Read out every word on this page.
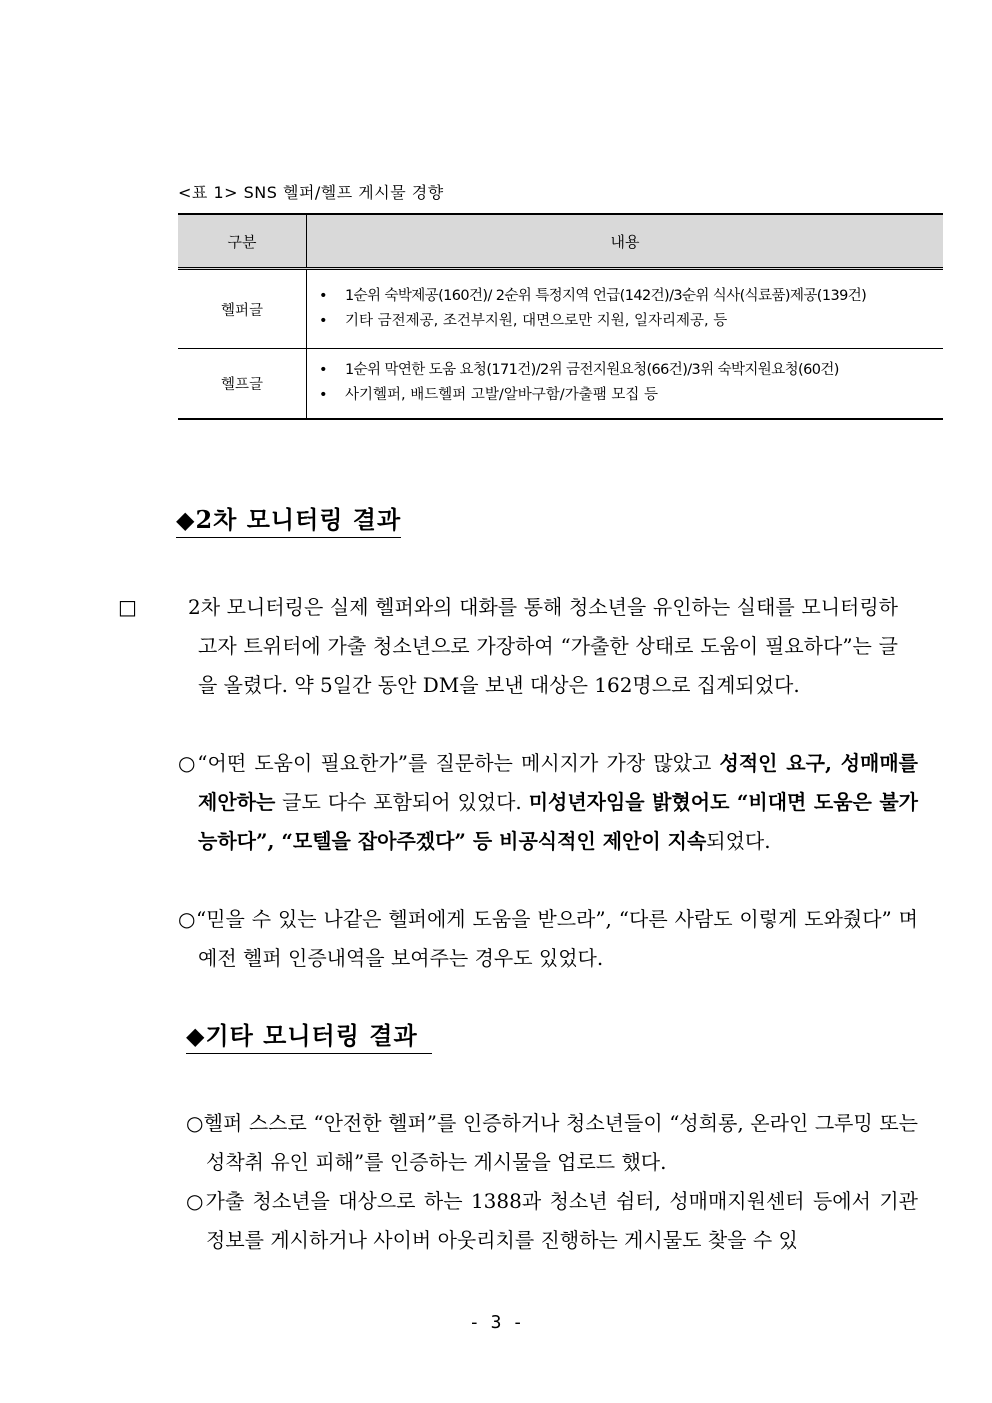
<표 1> SNS 헬퍼/헬프 게시물 경향
구분	내용
헬퍼글	• 1순위 숙박제공(160건)/ 2순위 특정지역 언급(142건)/3순위 식사(식료품)제공(139건)
• 기타 금전제공, 조건부지원, 대면으로만 지원, 일자리제공, 등

헬프글	• 1순위 막연한 도움 요청(171건)/2위 금전지원요청(66건)/3위 숙박지원요청(60건)
• 사기헬퍼, 배드헬퍼 고발/알바구함/가출팸 모집 등
◆2차 모니터링 결과
□	2차 모니터링은 실제 헬퍼와의 대화를 통해 청소년을 유인하는 실태를 모니터링하고자 트위터에 가출 청소년으로 가장하여 “가출한 상태로 도움이 필요하다”는 글을 올렸다. 약 5일간 동안 DM을 보낸 대상은 162명으로 집계되었다.
○“어떤 도움이 필요한가”를 질문하는 메시지가 가장 많았고 성적인 요구, 성매매를 제안하는 글도 다수 포함되어 있었다. 미성년자임을 밝혔어도 “비대면 도움은 불가능하다”, “모텔을 잡아주겠다” 등 비공식적인 제안이 지속되었다.
○“믿을 수 있는 나같은 헬퍼에게 도움을 받으라”, “다른 사람도 이렇게 도와줬다” 며 예전 헬퍼 인증내역을 보여주는 경우도 있었다.
◆기타 모니터링 결과
○헬퍼 스스로 “안전한 헬퍼”를 인증하거나 청소년들이 “성희롱, 온라인 그루밍 또는 성착취 유인 피해”를 인증하는 게시물을 업로드 했다.
○가출 청소년을 대상으로 하는 1388과 청소년 쉼터, 성매매지원센터 등에서 기관 정보를 게시하거나 사이버 아웃리치를 진행하는 게시물도 찾을 수 있
- 3 -
